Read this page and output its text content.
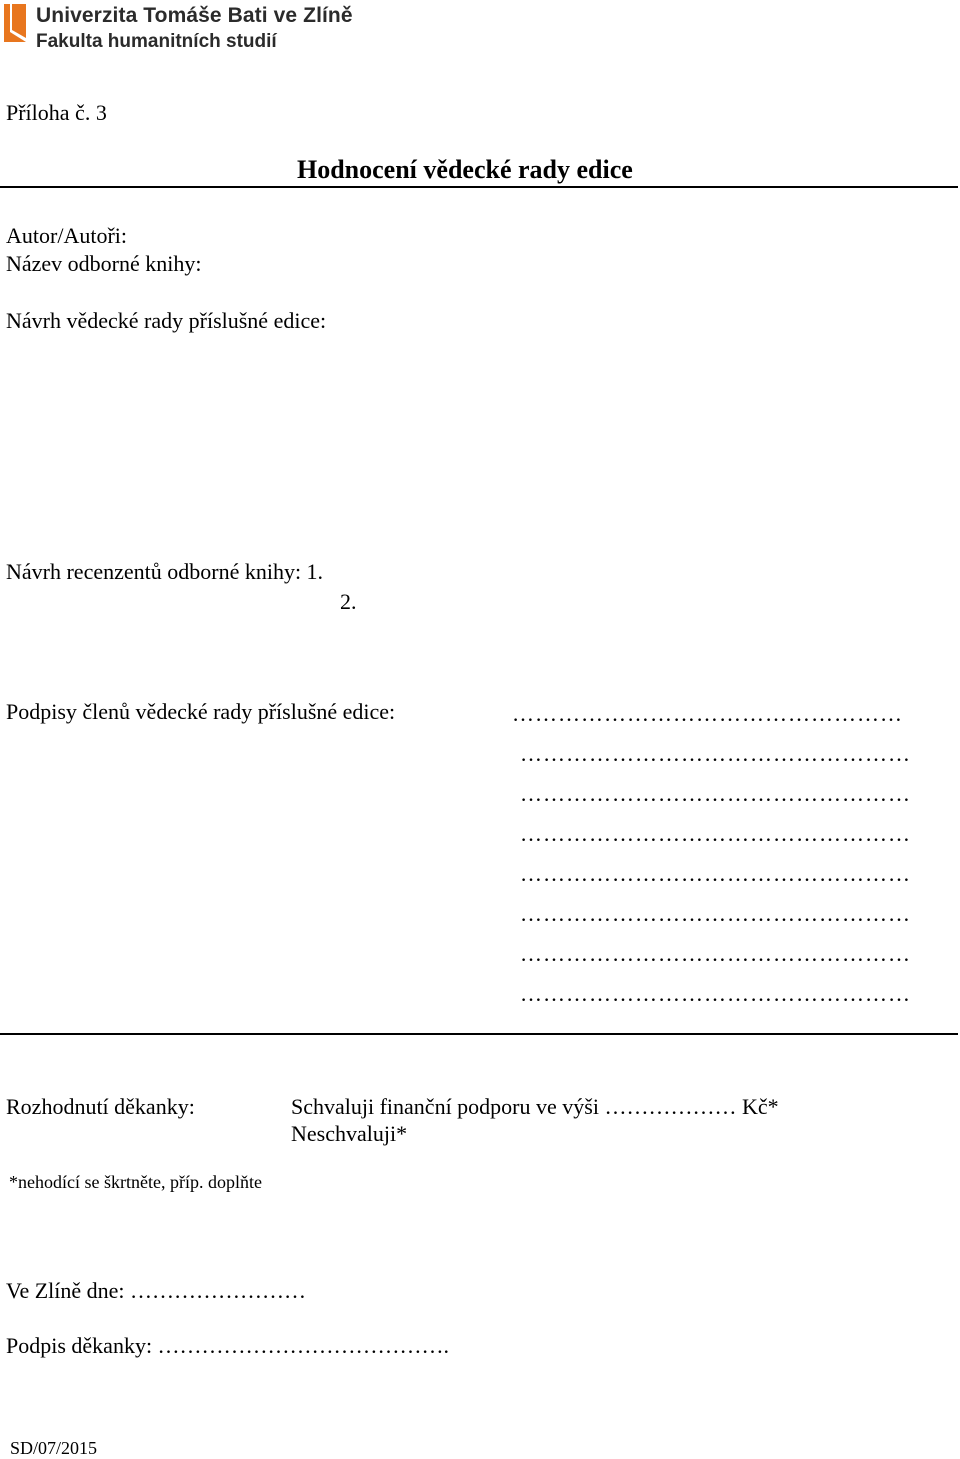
Univerzita Tomáše Bati ve Zlíně
Fakulta humanitních studií
Příloha č. 3
Hodnocení vědecké rady edice
Autor/Autoři:
Název odborné knihy:
Návrh vědecké rady příslušné edice:
Návrh recenzentů odborné knihy: 1.
2.
Podpisy členů vědecké rady příslušné edice:	……………………………………………
……………………………………………
……………………………………………
……………………………………………
……………………………………………
……………………………………………
……………………………………………
……………………………………………
Rozhodnutí děkanky:	Schvaluji finanční podporu ve výši ……………… Kč*
Neschvaluji*
*nehodící se škrtněte, příp. doplňte
Ve Zlíně dne: ……………………
Podpis děkanky: ………………………………….
SD/07/2015
